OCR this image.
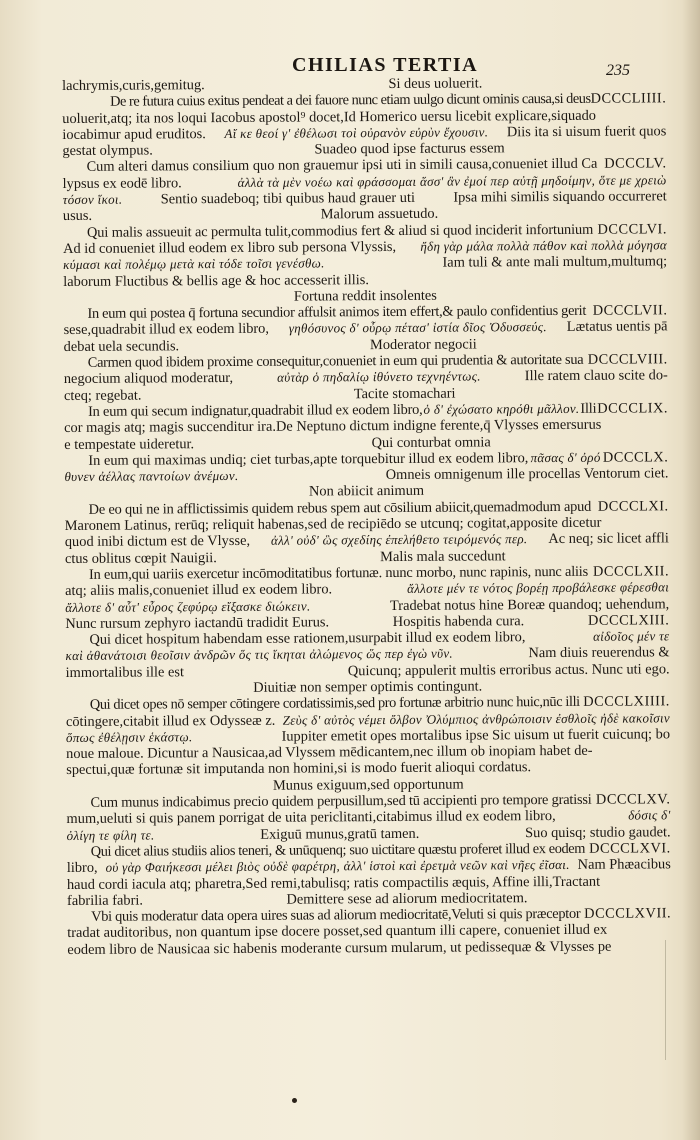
CHILIAS TERTIA	235
lachrymis,curis,gemitug.	Si deus uoluerit.
De re futura cuius exitus pendeat a dei fauore nunc etiam uulgo dicunt ominis causa,si deus DCCCLIIII.

uoluerit,atq; ita nos loqui Iacobus apostol⁹ docet,Id Homerico uersu licebit explicare,siquado

iocabimur apud eruditos. Αἴ κε θεοί γ' ἐθέλωσι τοὶ οὐρανὸν εὐρὺν ἔχουσιν. Diis ita si uisum fuerit quos
gestat olympus.	Suadeo quod ipse facturus essem
Cum alteri damus consilium quo non grauemur ipsi uti in simili causa,conueniet illud Ca DCCCLV.
lypsus ex eodē libro.	ἀλλὰ τὰ μὲν νοέω καὶ φράσσομαι ἅσσ' ἂν ἐμοί περ αὐτῇ μηδοίμην, ὅτε με χρειὼ
τόσον ἵκοι.	Sentio suadeboq; tibi quibus haud grauer uti	Ipsa mihi similis siquando occurreret
usus.	Malorum assuetudo.
Qui malis assueuit ac permulta tulit,commodius fert & aliud si quod inciderit infortunium DCCCLVI.
Ad id conueniet illud eodem ex libro sub persona Vlyssis, ἤδη γὰρ μάλα πολλὰ πάθον καὶ πολλὰ μόγησα
κύμασι καὶ πολέμῳ μετὰ καὶ τόδε τοῖσι γενέσθω.	Iam tuli & ante mali multum,multumq;

laborum Fluctibus & bellis age & hoc accesserit illis.

Fortuna reddit insolentes
In eum qui postea q̄ fortuna secundior affulsit animos item effert,& paulo confidentius gerit DCCCLVII.
sese,quadrabit illud ex eodem libro, γηθόσυνος δ' οὖρῳ πέτασ' ἱστία δῖος Ὀδυσσεύς. Lætatus uentis pā
debat uela secundis.	Moderator negocii
Carmen quod ibidem proxime consequitur,conueniet in eum qui prudentia & autoritate sua DCCCLVIII.
negocium aliquod moderatur,	αὐτὰρ ὁ πηδαλίῳ ἰθύνετο τεχνηέντως.	Ille ratem clauo scite do-
cteq; regebat.	Tacite stomachari
In eum qui secum indignatur,quadrabit illud ex eodem libro, ὁ δ' ἐχώσατο κηρόθι μᾶλλον. Illi DCCCLIX.

cor magis atq; magis succenditur ira.De Neptuno dictum indigne ferente,q̄ Vlysses emersurus

e tempestate uideretur.	Qui conturbat omnia
In eum qui maximas undiq; ciet turbas,apte torquebitur illud ex eodem libro, πᾶσας δ' ὀρό DCCCLX.
θυνεν ἀέλλας παντοίων ἀνέμων.	Omneis omnigenum ille procellas Ventorum ciet.
Non abiicit animum
De eo qui ne in afflictissimis quidem rebus spem aut cōsilium abiicit,quemadmodum apud DCCCLXI.

Maronem Latinus, rerūq; reliquit habenas,sed de recipiēdo se utcunq; cogitat,apposite dicetur

quod inibi dictum est de Vlysse, ἀλλ' οὐδ' ὣς σχεδίης ἐπελήθετο τειρόμενός περ. Ac neq; sic licet affli
ctus oblitus cœpit Nauigii.	Malis mala succedunt
In eum,qui uariis exercetur incōmoditatibus fortunæ. nunc morbo, nunc rapinis, nunc aliis DCCCLXII.
atq; aliis malis,conueniet illud ex eodem libro.	ἄλλοτε μέν τε νότος βορέῃ προβάλεσκε φέρεσθαι
ἄλλοτε δ' αὖτ' εὖρος ζεφύρῳ εἴξασκε διώκειν.	Tradebat notus hine Boreæ quandoq; uehendum,
Nunc rursum zephyro iactandū tradidit Eurus.	Hospitis habenda cura.	DCCCLXIII.
Qui dicet hospitum habendam esse rationem,usurpabit illud ex eodem libro,	αἰδοῖος μέν τε
καὶ ἀθανάτοισι θεοῖσιν ἀνδρῶν ὅς τις ἵκηται ἀλώμενος ὥς περ ἐγὼ νῦν.	Nam diuis reuerendus &
immortalibus ille est	Quicunq; appulerit multis erroribus actus. Nunc uti ego.
Diuitiæ non semper optimis contingunt.
Qui dicet opes nō semper cōtingere cordatissimis,sed pro fortunæ arbitrio nunc huic,nūc illi DCCCLXIIII.
cōtingere,citabit illud ex Odysseæ z. Ζεὺς δ' αὐτὸς νέμει ὄλβον Ὀλύμπιος ἀνθρώποισιν ἐσθλοῖς ἠδὲ κακοῖσιν
ὅπως ἐθέλῃσιν ἑκάστῳ.	Iuppiter emetit opes mortalibus ipse Sic uisum ut fuerit cuicunq; bo

noue maloue. Dicuntur a Nausicaa,ad Vlyssem mēdicantem,nec illum ob inopiam habet de-

spectui,quæ fortunæ sit imputanda non homini,si is modo fuerit alioqui cordatus.

Munus exiguum,sed opportunum
Cum munus indicabimus precio quidem perpusillum,sed tū accipienti pro tempore gratissi DCCCLXV.
mum,ueluti si quis panem porrigat de uita periclitanti,citabimus illud ex eodem libro,	δόσις δ'
ὀλίγη τε φίλη τε.	Exiguū munus,gratū tamen.	Suo quisq; studio gaudet.
Qui dicet alius studiis alios teneri, & unūquenq; suo uictitare quæstu proferet illud ex eodem DCCCLXVI.
libro, οὐ γὰρ Φαιήκεσσι μέλει βιὸς οὐδὲ φαρέτρη, ἀλλ' ἱστοὶ καὶ ἐρετμὰ νεῶν καὶ νῆες ἐῖσαι. Nam Phæacibus

haud cordi iacula atq; pharetra,Sed remi,tabulisq; ratis compactilis æquis, Affine illi,Tractant

fabrilia fabri.	Demittere sese ad aliorum mediocritatem.
Vbi quis moderatur data opera uires suas ad aliorum mediocritatē,Veluti si quis præceptor DCCCLXVII.

tradat auditoribus, non quantum ipse docere posset,sed quantum illi capere, conueniet illud ex

eodem libro de Nausicaa sic habenis moderante cursum mularum, ut pedissequæ & Vlysses pe
